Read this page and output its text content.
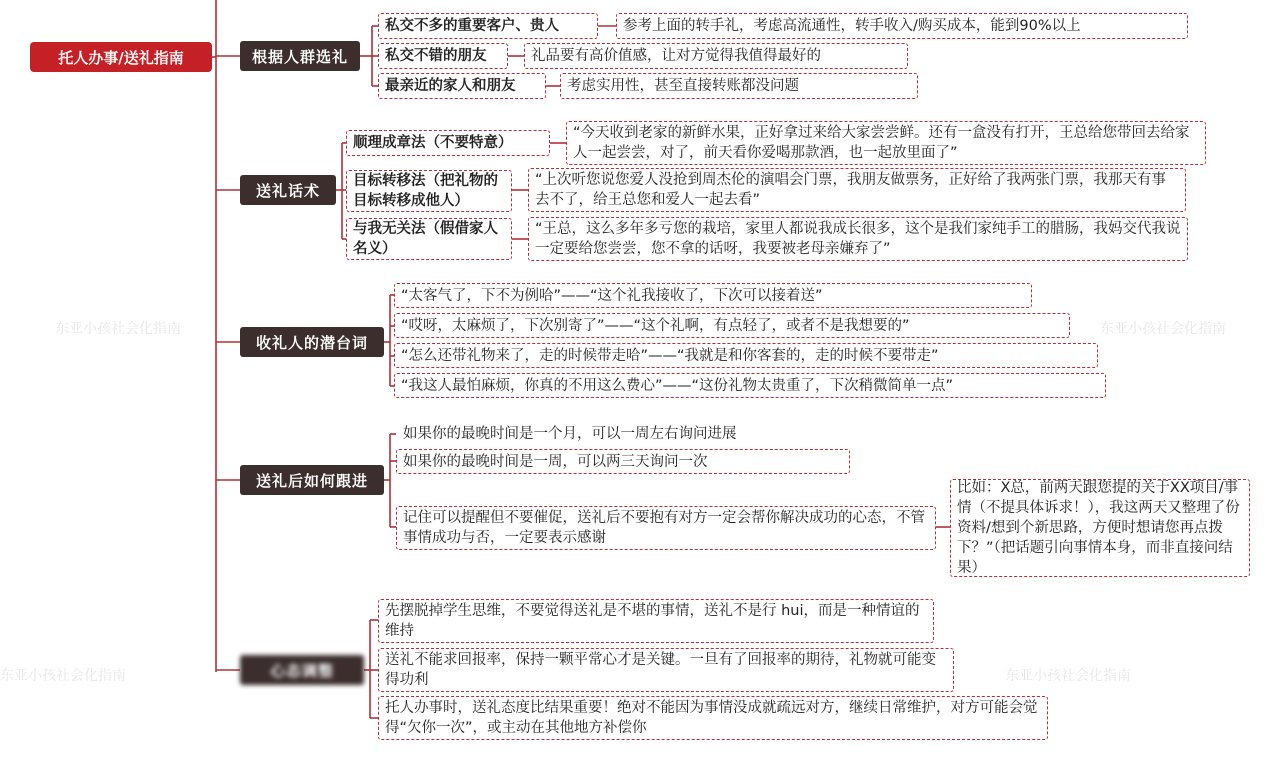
东亚小孩社会化指南	东亚小孩社会化指南
东亚小孩社会化指南	东亚小孩社会化指南
托人办事/送礼指南	根据人群选礼
私交不多的重要客户、贵人	参考上面的转手礼，考虑高流通性，转手收入/购买成本，能到90%以上
私交不错的朋友	礼品要有高价值感，让对方觉得我值得最好的
最亲近的家人和朋友	考虑实用性，甚至直接转账都没问题
送礼话术
顺理成章法（不要特意）
“今天收到老家的新鲜水果，正好拿过来给大家尝尝鲜。还有一盒没有打开，王总给您带回去给家人一起尝尝，对了，前天看你爱喝那款酒，也一起放里面了”
目标转移法（把礼物的目标转移成他人）
“上次听您说您爱人没抢到周杰伦的演唱会门票，我朋友做票务，正好给了我两张门票，我那天有事去不了，给王总您和爱人一起去看”
与我无关法（假借家人名义）
“王总，这么多年多亏您的栽培，家里人都说我成长很多，这个是我们家纯手工的腊肠，我妈交代我说一定要给您尝尝，您不拿的话呀，我要被老母亲嫌弃了”
收礼人的潜台词
“太客气了，下不为例哈”——“这个礼我接收了，下次可以接着送”
“哎呀，太麻烦了，下次别寄了”——“这个礼啊，有点轻了，或者不是我想要的”
“怎么还带礼物来了，走的时候带走哈”——“我就是和你客套的，走的时候不要带走”
“我这人最怕麻烦，你真的不用这么费心”——“这份礼物太贵重了，下次稍微简单一点”
送礼后如何跟进
如果你的最晚时间是一个月，可以一周左右询问进展
如果你的最晚时间是一周，可以两三天询问一次
记住可以提醒但不要催促，送礼后不要抱有对方一定会帮你解决成功的心态，不管事情成功与否，一定要表示感谢
比如：X总，前两天跟您提的关于XX项目/事情（不提具体诉求！），我这两天又整理了份资料/想到个新思路，方便时想请您再点拨下？”（把话题引向事情本身，而非直接问结果）
心态调整
先摆脱掉学生思维，不要觉得送礼是不堪的事情，送礼不是行 hui，而是一种情谊的维持
送礼不能求回报率，保持一颗平常心才是关键。一旦有了回报率的期待，礼物就可能变得功利
托人办事时，送礼态度比结果重要！绝对不能因为事情没成就疏远对方，继续日常维护，对方可能会觉得“欠你一次”，或主动在其他地方补偿你
